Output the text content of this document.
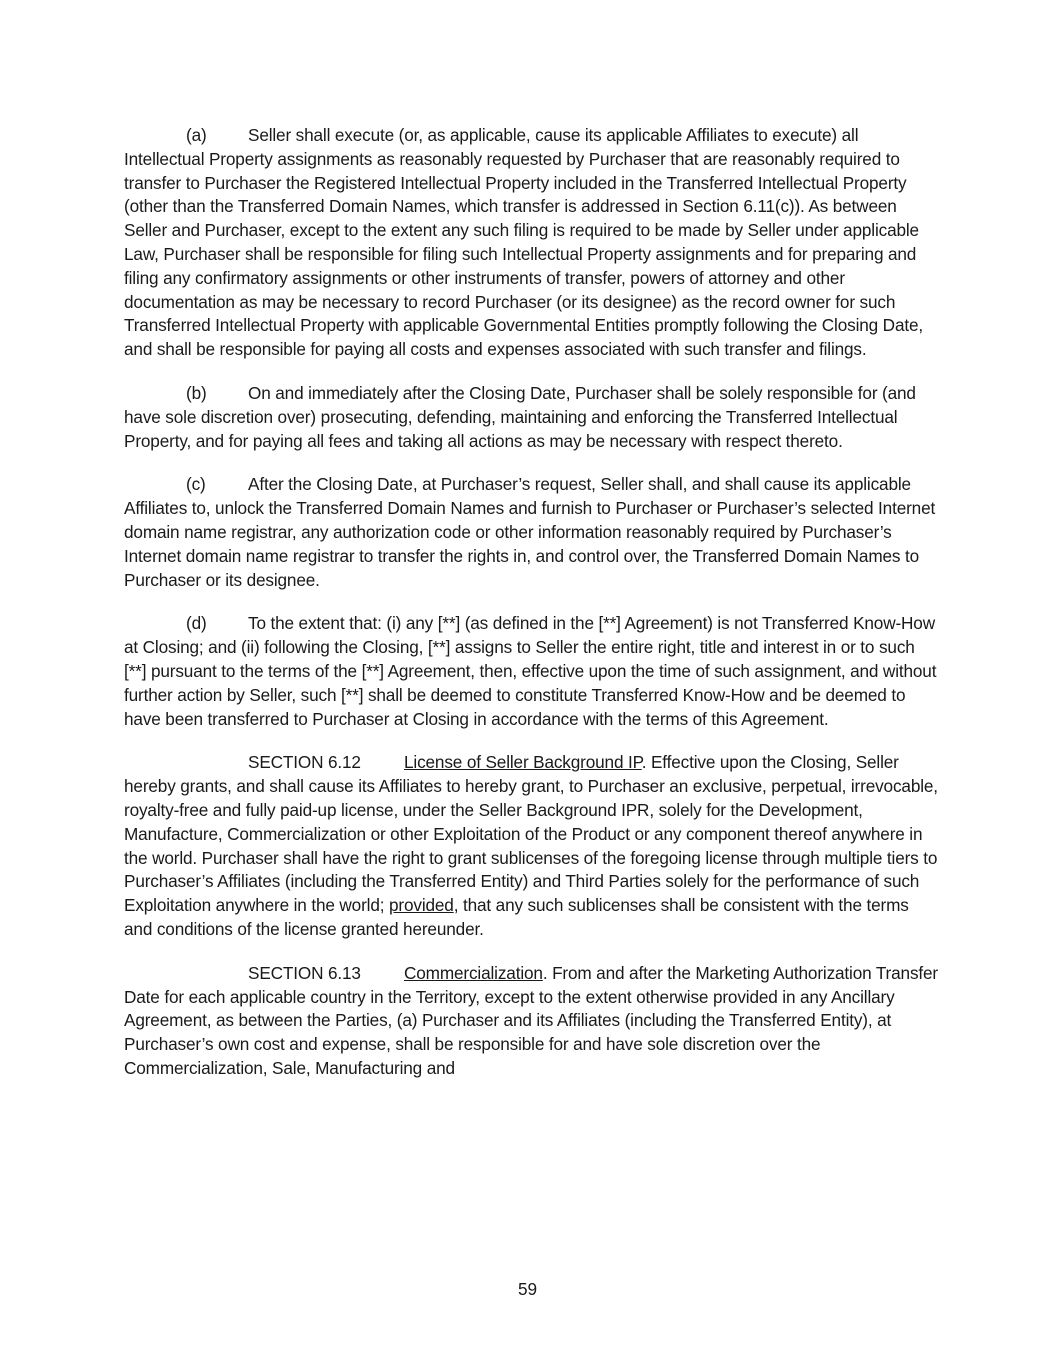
(a) Seller shall execute (or, as applicable, cause its applicable Affiliates to execute) all Intellectual Property assignments as reasonably requested by Purchaser that are reasonably required to transfer to Purchaser the Registered Intellectual Property included in the Transferred Intellectual Property (other than the Transferred Domain Names, which transfer is addressed in Section 6.11(c)). As between Seller and Purchaser, except to the extent any such filing is required to be made by Seller under applicable Law, Purchaser shall be responsible for filing such Intellectual Property assignments and for preparing and filing any confirmatory assignments or other instruments of transfer, powers of attorney and other documentation as may be necessary to record Purchaser (or its designee) as the record owner for such Transferred Intellectual Property with applicable Governmental Entities promptly following the Closing Date, and shall be responsible for paying all costs and expenses associated with such transfer and filings.

(b) On and immediately after the Closing Date, Purchaser shall be solely responsible for (and have sole discretion over) prosecuting, defending, maintaining and enforcing the Transferred Intellectual Property, and for paying all fees and taking all actions as may be necessary with respect thereto.

(c) After the Closing Date, at Purchaser’s request, Seller shall, and shall cause its applicable Affiliates to, unlock the Transferred Domain Names and furnish to Purchaser or Purchaser’s selected Internet domain name registrar, any authorization code or other information reasonably required by Purchaser’s Internet domain name registrar to transfer the rights in, and control over, the Transferred Domain Names to Purchaser or its designee.

(d) To the extent that: (i) any [**] (as defined in the [**] Agreement) is not Transferred Know-How at Closing; and (ii) following the Closing, [**] assigns to Seller the entire right, title and interest in or to such [**] pursuant to the terms of the [**] Agreement, then, effective upon the time of such assignment, and without further action by Seller, such [**] shall be deemed to constitute Transferred Know-How and be deemed to have been transferred to Purchaser at Closing in accordance with the terms of this Agreement.

SECTION 6.12	License of Seller Background IP. Effective upon the Closing, Seller hereby grants, and shall cause its Affiliates to hereby grant, to Purchaser an exclusive, perpetual, irrevocable, royalty-free and fully paid-up license, under the Seller Background IPR, solely for the Development, Manufacture, Commercialization or other Exploitation of the Product or any component thereof anywhere in the world. Purchaser shall have the right to grant sublicenses of the foregoing license through multiple tiers to Purchaser’s Affiliates (including the Transferred Entity) and Third Parties solely for the performance of such Exploitation anywhere in the world; provided, that any such sublicenses shall be consistent with the terms and conditions of the license granted hereunder.

SECTION 6.13	Commercialization. From and after the Marketing Authorization Transfer Date for each applicable country in the Territory, except to the extent otherwise provided in any Ancillary Agreement, as between the Parties, (a) Purchaser and its Affiliates (including the Transferred Entity), at Purchaser’s own cost and expense, shall be responsible for and have sole discretion over the Commercialization, Sale, Manufacturing and

59
